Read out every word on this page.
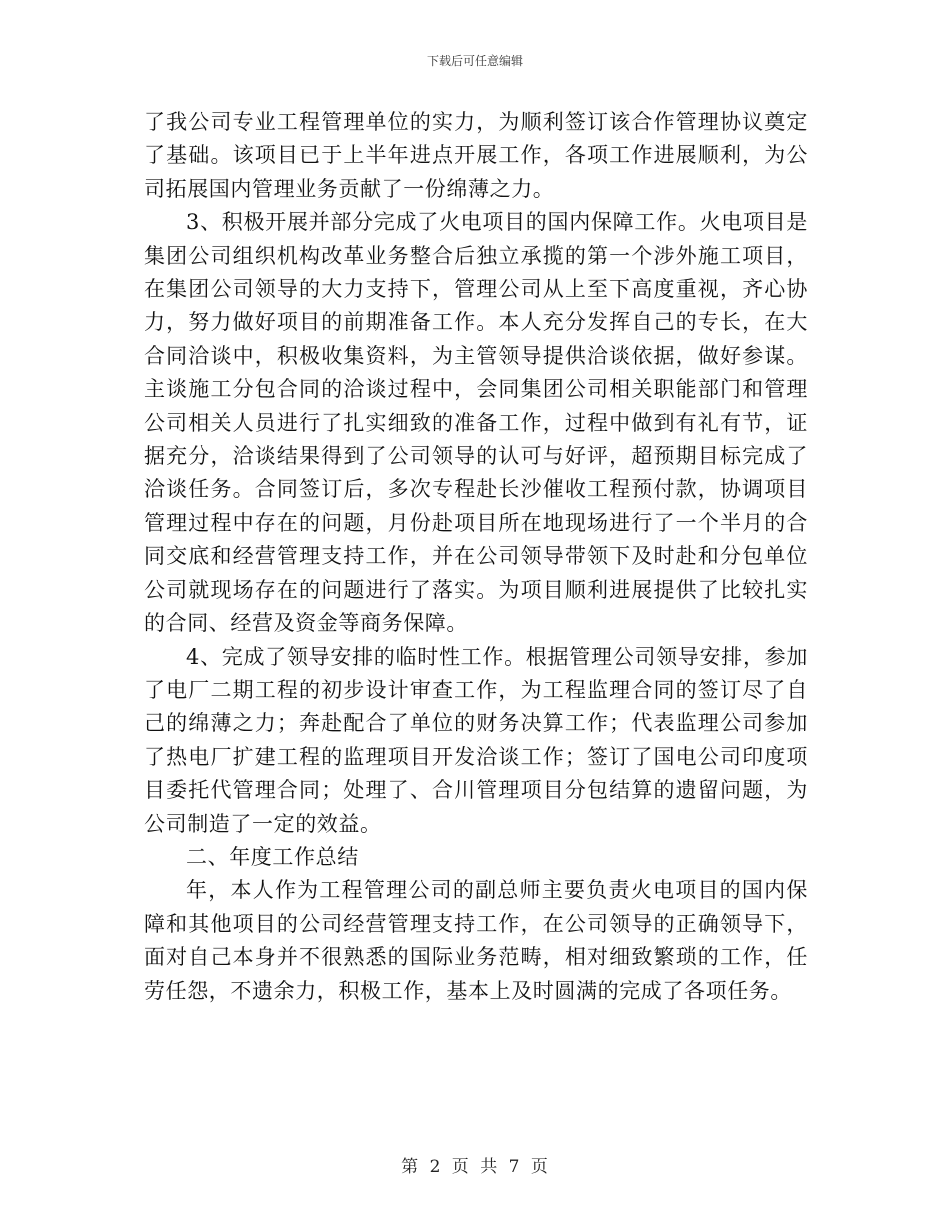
下载后可任意编辑

了我公司专业工程管理单位的实力，为顺利签订该合作管理协议奠定了基础。该项目已于上半年进点开展工作，各项工作进展顺利，为公司拓展国内管理业务贡献了一份绵薄之力。

3、积极开展并部分完成了火电项目的国内保障工作。火电项目是集团公司组织机构改革业务整合后独立承揽的第一个涉外施工项目，在集团公司领导的大力支持下，管理公司从上至下高度重视，齐心协力，努力做好项目的前期准备工作。本人充分发挥自己的专长，在大合同洽谈中，积极收集资料，为主管领导提供洽谈依据，做好参谋。主谈施工分包合同的洽谈过程中，会同集团公司相关职能部门和管理公司相关人员进行了扎实细致的准备工作，过程中做到有礼有节，证据充分，洽谈结果得到了公司领导的认可与好评，超预期目标完成了洽谈任务。合同签订后，多次专程赴长沙催收工程预付款，协调项目管理过程中存在的问题，月份赴项目所在地现场进行了一个半月的合同交底和经营管理支持工作，并在公司领导带领下及时赴和分包单位公司就现场存在的问题进行了落实。为项目顺利进展提供了比较扎实的合同、经营及资金等商务保障。

4、完成了领导安排的临时性工作。根据管理公司领导安排，参加了电厂二期工程的初步设计审查工作，为工程监理合同的签订尽了自己的绵薄之力；奔赴配合了单位的财务决算工作；代表监理公司参加了热电厂扩建工程的监理项目开发洽谈工作；签订了国电公司印度项目委托代管理合同；处理了、合川管理项目分包结算的遗留问题，为公司制造了一定的效益。

二、年度工作总结

年，本人作为工程管理公司的副总师主要负责火电项目的国内保障和其他项目的公司经营管理支持工作，在公司领导的正确领导下，面对自己本身并不很熟悉的国际业务范畴，相对细致繁琐的工作，任劳任怨，不遗余力，积极工作，基本上及时圆满的完成了各项任务。

第 2 页 共 7 页
